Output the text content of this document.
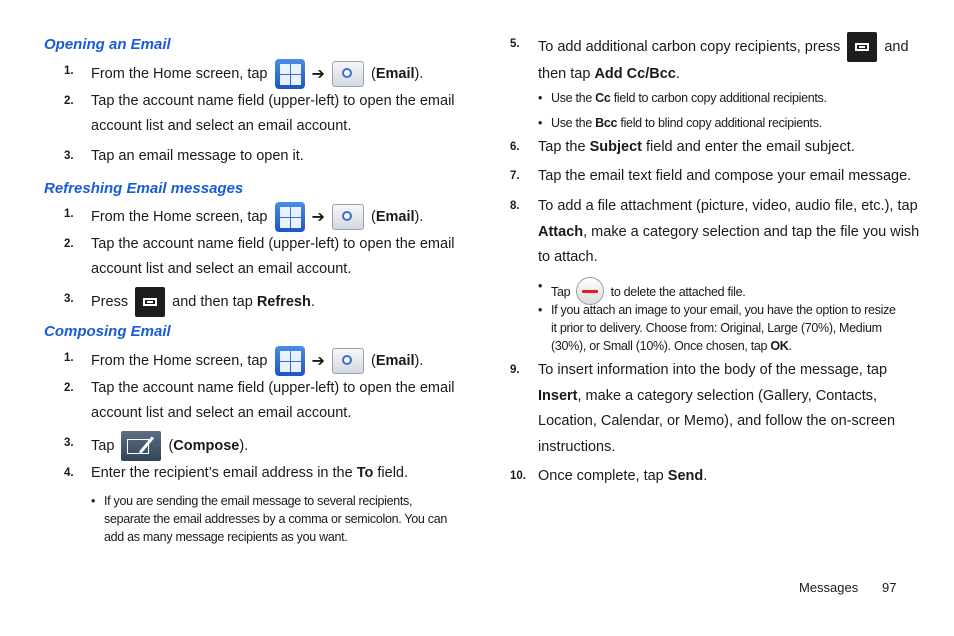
Opening an Email
1. From the Home screen, tap	➔	(Email).
2. Tap the account name field (upper-left) to open the email account list and select an email account.
3. Tap an email message to open it.
Refreshing Email messages
1. From the Home screen, tap	➔	(Email).
2. Tap the account name field (upper-left) to open the email account list and select an email account.
3. Press	and then tap Refresh.
Composing Email
1. From the Home screen, tap	➔	(Email).
2. Tap the account name field (upper-left) to open the email account list and select an email account.
3. Tap	(Compose).
4. Enter the recipient’s email address in the To field.
• If you are sending the email message to several recipients, separate the email addresses by a comma or semicolon. You can add as many message recipients as you want.
5. To add additional carbon copy recipients, press	and then tap Add Cc/Bcc.
• Use the Cc field to carbon copy additional recipients.
• Use the Bcc field to blind copy additional recipients.
6. Tap the Subject field and enter the email subject.
7. Tap the email text field and compose your email message.
8. To add a file attachment (picture, video, audio file, etc.), tap Attach, make a category selection and tap the file you wish to attach.
• Tap	to delete the attached file.
• If you attach an image to your email, you have the option to resize it prior to delivery. Choose from: Original, Large (70%), Medium (30%), or Small (10%). Once chosen, tap OK.
9. To insert information into the body of the message, tap Insert, make a category selection (Gallery, Contacts, Location, Calendar, or Memo), and follow the on-screen instructions.
10. Once complete, tap Send.
Messages 97
